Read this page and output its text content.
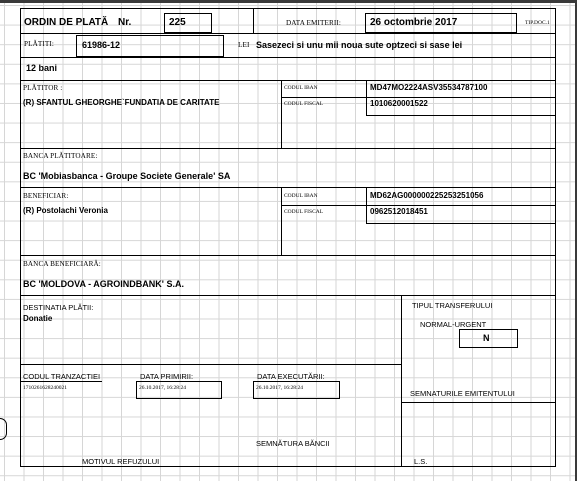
ORDIN DE PLATĂ Nr.	225	DATA EMITERII:	26 octombrie 2017	TIP.DOC.1
PLĂTITI:	61986-12	LEI Sasezeci si unu mii noua sute optzeci si sase lei
12 bani
PLĂTITOR :
(R) SFANTUL GHEORGHE`FUNDATIA DE CARITATE
CODUL IBAN	MD47MO2224ASV35534787100
CODUL FISCAL	1010620001522
BANCA PLĂTITOARE:
BC 'Mobiasbanca - Groupe Societe Generale' SA
BENEFICIAR:
(R) Postolachi Veronia
CODUL IBAN	MD62AG000000225253251056
CODUL FISCAL	0962512018451
BANCA BENEFICIARĂ:
BC 'MOLDOVA - AGROINDBANK' S.A.
DESTINATIA PLĂTII:
Donatie
TIPUL TRANSFERULUI
NORMAL-URGENT
N
CODUL TRANZACTIEI
1710261628240021
DATA PRIMIRII:
26.10.2017, 16:28:24
DATA EXECUTĂRII:
26.10.2017, 16:28:24
SEMNATURILE EMITENTULUI
SEMNĂTURA BĂNCII
MOTIVUL REFUZULUI	L.S.
